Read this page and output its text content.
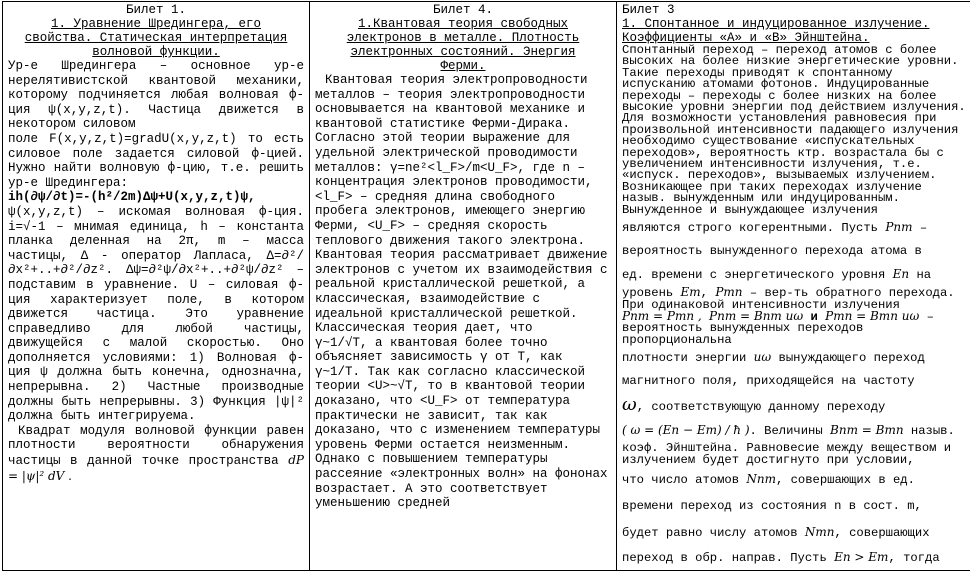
Билет 1.
1. Уравнение Шредингера, его
свойства. Статическая интерпретация
волновой функции.

Ур-е Шредингера – основное ур-е нерелятивистской квантовой механики, которому подчиняется любая волновая ф-ция ψ(x,y,z,t). Частица движется в некотором силовом

поле F(x,y,z,t)=gradU(x,y,z,t) то есть силовое поле задается силовой ф-цией. Нужно найти волновую ф-цию, т.е. решить ур-е Шредингера:

ih(∂ψ/∂t)=-(h²/2m)Δψ+U(x,y,z,t)ψ,

ψ(x,y,z,t) – искомая волновая ф-ция. i=√-1 – мнимая единица, h – константа планка деленная на 2π, m – масса частицы, Δ - оператор Лапласа, Δ=∂²/∂x²+..+∂²/∂z². Δψ=∂²ψ/∂x²+..+∂²ψ/∂z² – подставим в уравнение. U – силовая ф-ция характеризует поле, в котором движется частица. Это уравнение справедливо для любой частицы, движущейся с малой скоростью. Оно дополняется условиями: 1) Волновая ф-ция ψ должна быть конечна, однозначна, непрерывна. 2) Частные производные должны быть непрерывны. 3) Функция |ψ|² должна быть интегрируема.

Квадрат модуля волновой функции равен плотности вероятности обнаружения частицы в данной точке пространства dP = |ψ|² dV .

Билет 4.
1.Квантовая теория свободных
электронов в металле. Плотность
электронных состояний. Энергия
Ферми.

Квантовая теория электропроводности металлов – теория электропроводности основывается на квантовой механике и квантовой статистике Ферми-Дирака. Согласно этой теории выражение для удельной электрической проводимости металлов: γ=ne²<l_F>/m<U_F>, где n – концентрация электронов проводимости, <l_F> – средняя длина свободного пробега электронов, имеющего энергию Ферми, <U_F> – средняя скорость теплового движения такого электрона. Квантовая теория рассматривает движение электронов с учетом их взаимодействия с реальной кристаллической решеткой, а классическая, взаимодействие с идеальной кристаллической решеткой. Классическая теория дает, что

γ~1/√T, а квантовая более точно объясняет зависимость γ от T, как γ~1/T. Так как согласно классической теории <U>~√T, то в квантовой теории доказано, что <U_F> от температура практически не зависит, так как доказано, что с изменением температуры уровень Ферми остается неизменным. Однако с повышением температуры рассеяние «электронных волн» на фононах возрастает. А это соответствует уменьшению средней

Билет 3
1. Спонтанное и индуцированное излучение.
Коэффициенты «А» и «В» Эйнштейна.

Спонтанный переход – переход атомов с более высоких на более низкие энергетические уровни. Такие переходы приводят к спонтанному испусканию атомами фотонов. Индуцированные переходы – переходы с более низких на более высокие уровни энергии под действием излучения. Для возможности установления равновесия при произвольной интенсивности падающего излучения необходимо существование «испускательных переходов», вероятность ктр. возрастала бы с увеличением интенсивности излучения, т.е. «испуск. переходов», вызываемых излучением. Возникающее при таких переходах излучение назыв. вынужденным или индуцированным. Вынужденное и вынуждающее излучения

являются строго когерентными. Пусть Pnm – вероятность вынужденного перехода атома в

ед. времени с энергетического уровня En на

уровень Em, Pmn – вер-ть обратного перехода.

При одинаковой интенсивности излучения

Pnm = Pmn , Pnm = Bnm uω и Pmn = Bmn uω – вероятность вынужденных переходов пропорциональна

плотности энергии uω вынуждающего переход магнитного поля, приходящейся на частоту

ω, соответствующую данному переходу

( ω = (En − Em) / ħ ). Величины Bnm = Bmn назыв.

коэф. Эйнштейна. Равновесие между веществом и излучением будет достигнуто при условии,

что число атомов Nnm, совершающих в ед. времени переход из состояния n в сост. m,

будет равно числу атомов Nmn, совершающих

переход в обр. направ. Пусть En > Em, тогда
